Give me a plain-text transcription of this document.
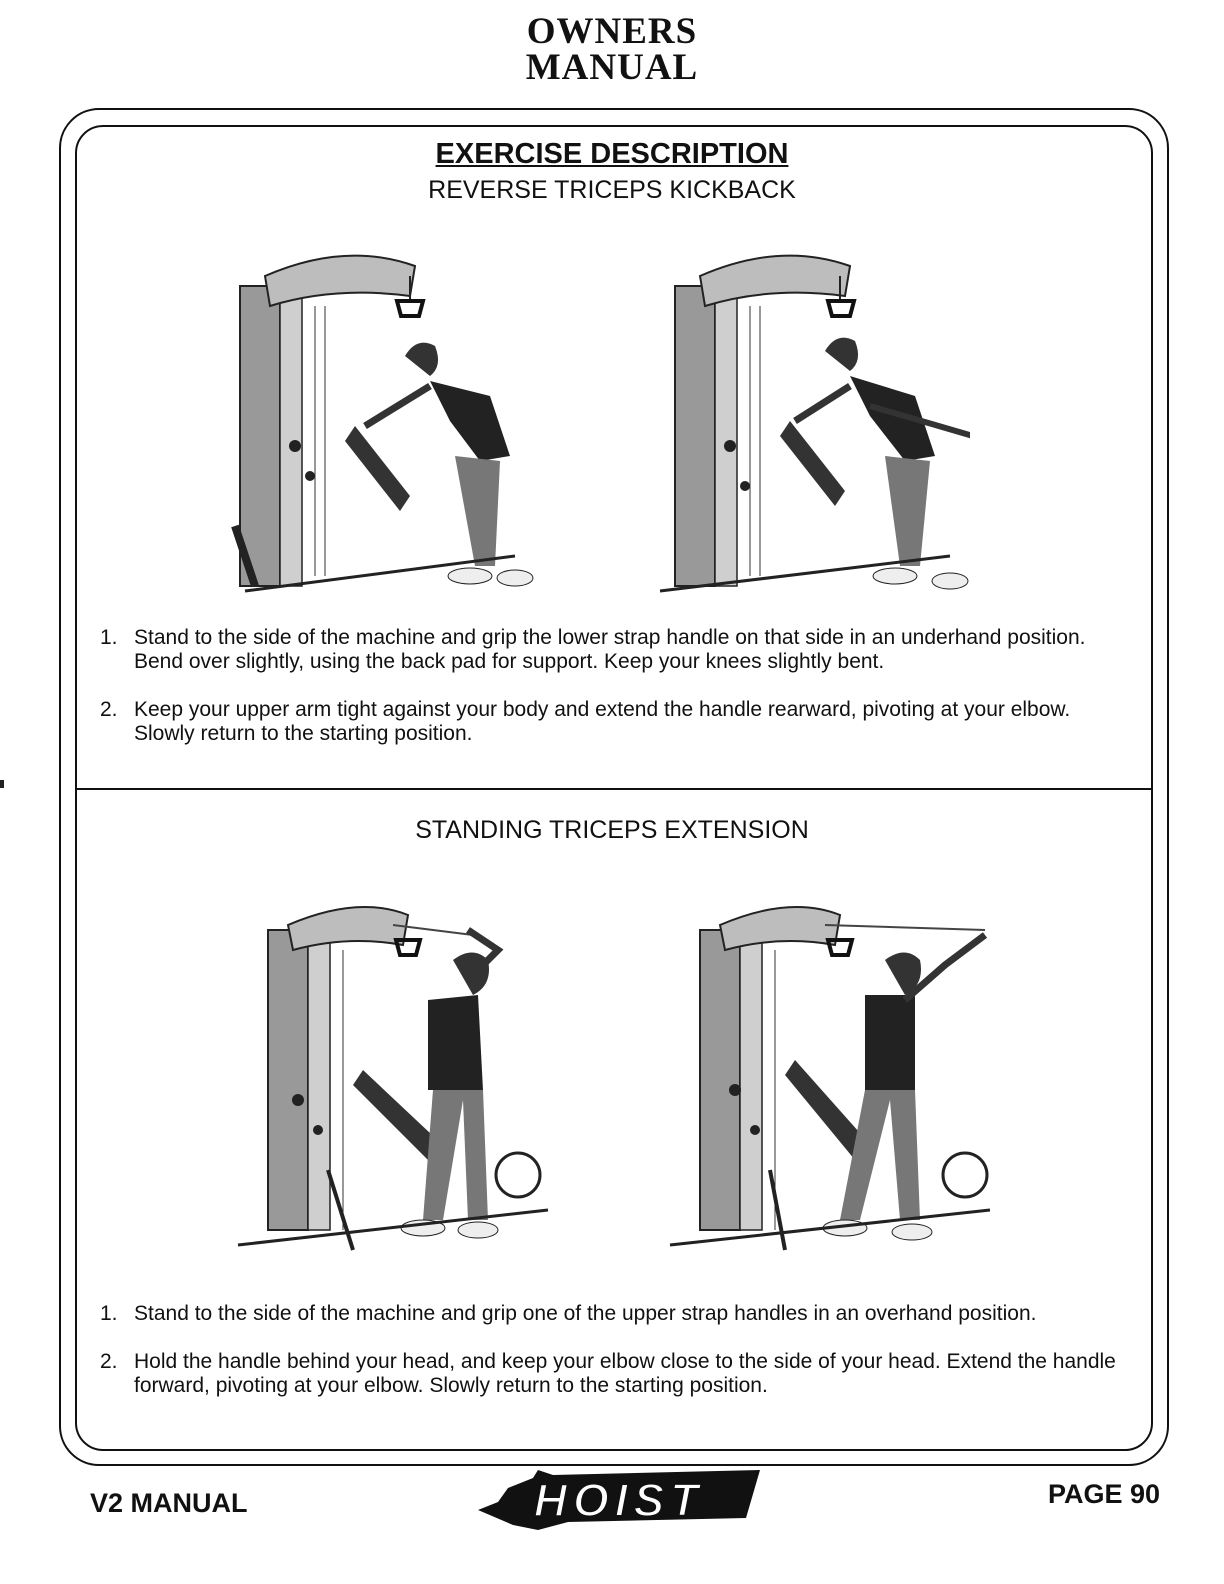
OWNERS
MANUAL
EXERCISE DESCRIPTION
REVERSE TRICEPS KICKBACK
1. Stand to the side of the machine and grip the lower strap handle on that side in an underhand position. Bend over slightly, using the back pad for support. Keep your knees slightly bent.
2. Keep your upper arm tight against your body and extend the handle rearward, pivoting at your elbow. Slowly return to the starting position.
STANDING TRICEPS EXTENSION
1. Stand to the side of the machine and grip one of the upper strap handles in an overhand position.
2. Hold the handle behind your head, and keep your elbow close to the side of your head. Extend the handle forward, pivoting at your elbow. Slowly return to the starting position.
V2 MANUAL	HOIST	PAGE 90
